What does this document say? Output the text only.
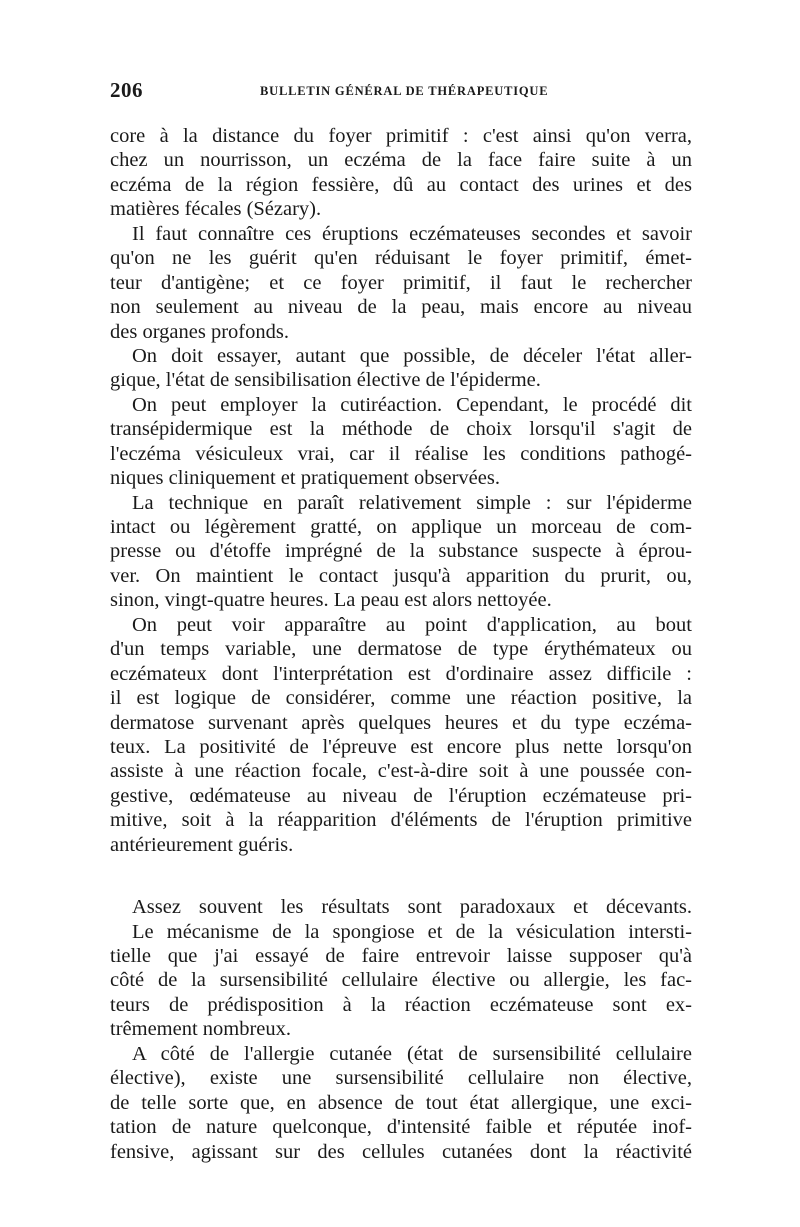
206	BULLETIN GÉNÉRAL DE THÉRAPEUTIQUE
core à la distance du foyer primitif : c'est ainsi qu'on verra,
chez un nourrisson, un eczéma de la face faire suite à un
eczéma de la région fessière, dû au contact des urines et des
matières fécales (Sézary).
Il faut connaître ces éruptions eczémateuses secondes et savoir
qu'on ne les guérit qu'en réduisant le foyer primitif, émet-
teur d'antigène; et ce foyer primitif, il faut le rechercher
non seulement au niveau de la peau, mais encore au niveau
des organes profonds.
On doit essayer, autant que possible, de déceler l'état aller-
gique, l'état de sensibilisation élective de l'épiderme.
On peut employer la cutiréaction. Cependant, le procédé dit
transépidermique est la méthode de choix lorsqu'il s'agit de
l'eczéma vésiculeux vrai, car il réalise les conditions pathogé-
niques cliniquement et pratiquement observées.
La technique en paraît relativement simple : sur l'épiderme
intact ou légèrement gratté, on applique un morceau de com-
presse ou d'étoffe imprégné de la substance suspecte à éprou-
ver. On maintient le contact jusqu'à apparition du prurit, ou,
sinon, vingt-quatre heures. La peau est alors nettoyée.
On peut voir apparaître au point d'application, au bout
d'un temps variable, une dermatose de type érythémateux ou
eczémateux dont l'interprétation est d'ordinaire assez difficile :
il est logique de considérer, comme une réaction positive, la
dermatose survenant après quelques heures et du type eczéma-
teux. La positivité de l'épreuve est encore plus nette lorsqu'on
assiste à une réaction focale, c'est-à-dire soit à une poussée con-
gestive, œdémateuse au niveau de l'éruption eczémateuse pri-
mitive, soit à la réapparition d'éléments de l'éruption primitive
antérieurement guéris.
Assez souvent les résultats sont paradoxaux et décevants.
Le mécanisme de la spongiose et de la vésiculation intersti-
tielle que j'ai essayé de faire entrevoir laisse supposer qu'à
côté de la sursensibilité cellulaire élective ou allergie, les fac-
teurs de prédisposition à la réaction eczémateuse sont ex-
trêmement nombreux.
A côté de l'allergie cutanée (état de sursensibilité cellulaire
élective), existe une sursensibilité cellulaire non élective,
de telle sorte que, en absence de tout état allergique, une exci-
tation de nature quelconque, d'intensité faible et réputée inof-
fensive, agissant sur des cellules cutanées dont la réactivité
